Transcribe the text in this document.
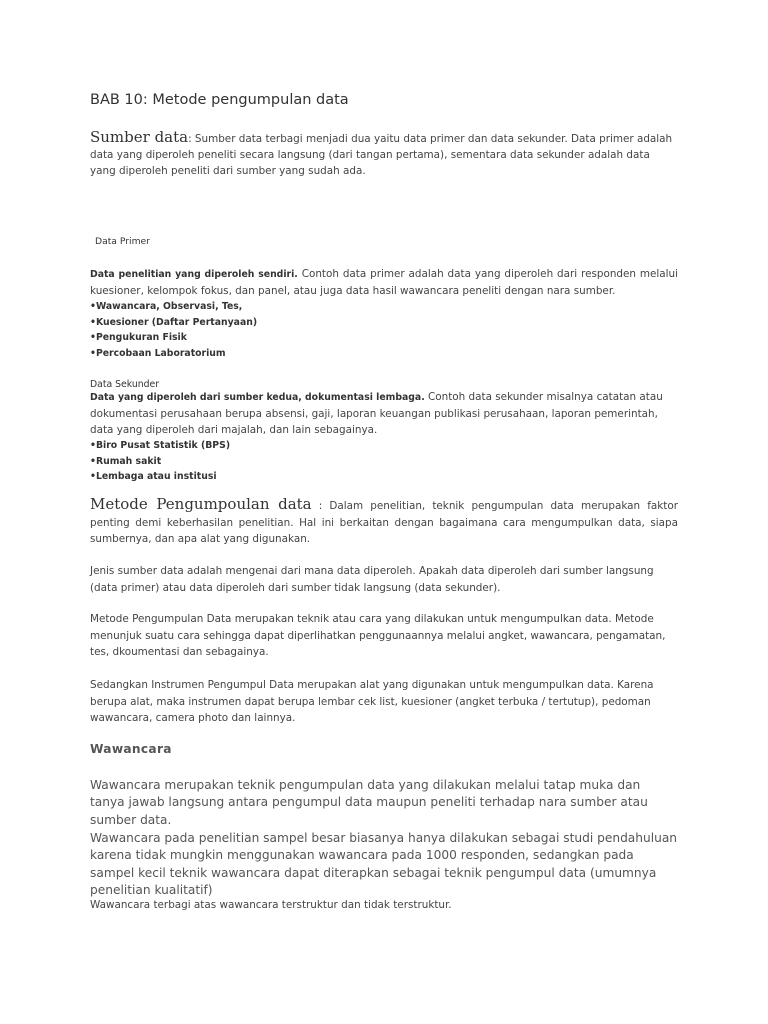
BAB 10: Metode pengumpulan data

Sumber data: Sumber data terbagi menjadi dua yaitu data primer dan data sekunder. Data primer adalah data yang diperoleh peneliti secara langsung (dari tangan pertama), sementara data sekunder adalah data yang diperoleh peneliti dari sumber yang sudah ada.

Data Primer

Data penelitian yang diperoleh sendiri. Contoh data primer adalah data yang diperoleh dari responden melalui kuesioner, kelompok fokus, dan panel, atau juga data hasil wawancara peneliti dengan nara sumber.

•Wawancara, Observasi, Tes,
•Kuesioner (Daftar Pertanyaan)
•Pengukuran Fisik
•Percobaan Laboratorium
Data Sekunder

Data yang diperoleh dari sumber kedua, dokumentasi lembaga. Contoh data sekunder misalnya catatan atau dokumentasi perusahaan berupa absensi, gaji, laporan keuangan publikasi perusahaan, laporan pemerintah, data yang diperoleh dari majalah, dan lain sebagainya.

•Biro Pusat Statistik (BPS)
•Rumah sakit
•Lembaga atau institusi

Metode Pengumpoulan data : Dalam penelitian, teknik pengumpulan data merupakan faktor penting demi keberhasilan penelitian. Hal ini berkaitan dengan bagaimana cara mengumpulkan data, siapa sumbernya, dan apa alat yang digunakan.

Jenis sumber data adalah mengenai dari mana data diperoleh. Apakah data diperoleh dari sumber langsung (data primer) atau data diperoleh dari sumber tidak langsung (data sekunder).

Metode Pengumpulan Data merupakan teknik atau cara yang dilakukan untuk mengumpulkan data. Metode menunjuk suatu cara sehingga dapat diperlihatkan penggunaannya melalui angket, wawancara, pengamatan, tes, dkoumentasi dan sebagainya.

Sedangkan Instrumen Pengumpul Data merupakan alat yang digunakan untuk mengumpulkan data. Karena berupa alat, maka instrumen dapat berupa lembar cek list, kuesioner (angket terbuka / tertutup), pedoman wawancara, camera photo dan lainnya.

Wawancara

Wawancara merupakan teknik pengumpulan data yang dilakukan melalui tatap muka dan tanya jawab langsung antara pengumpul data maupun peneliti terhadap nara sumber atau sumber data.

Wawancara pada penelitian sampel besar biasanya hanya dilakukan sebagai studi pendahuluan karena tidak mungkin menggunakan wawancara pada 1000 responden, sedangkan pada sampel kecil teknik wawancara dapat diterapkan sebagai teknik pengumpul data (umumnya penelitian kualitatif)

Wawancara terbagi atas wawancara terstruktur dan tidak terstruktur.
